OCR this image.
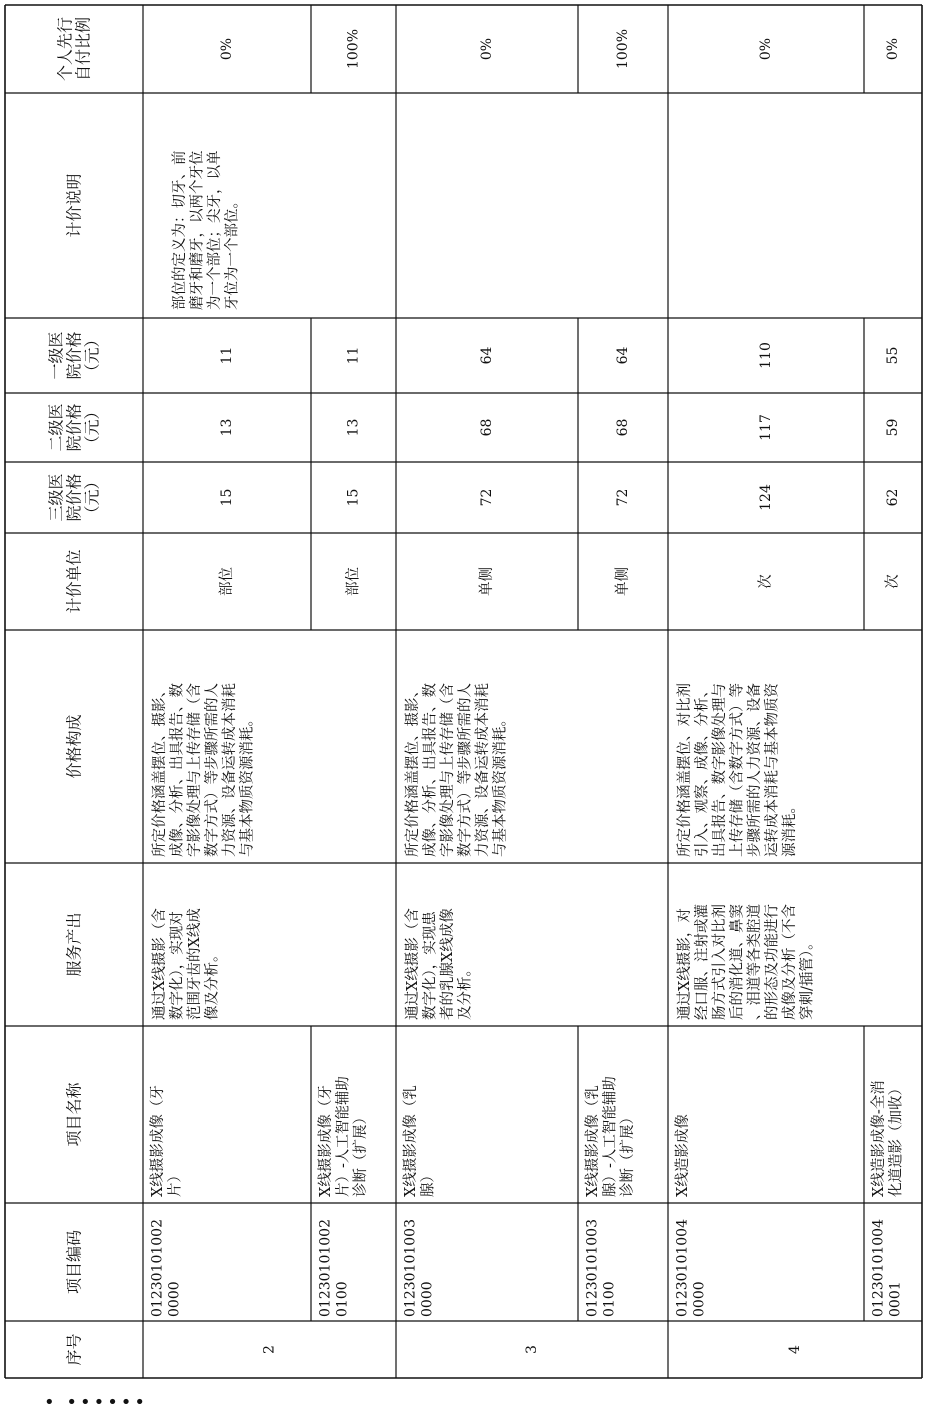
序号
项目编码
项目名称
服务产出
价格构成
计价单位
三级医 院价格 （元）
二级医 院价格 （元）
一级医 院价格 （元）
计价说明
个人先行 自付比例
2
通过X线摄影（含 数字化），实现对 范围牙齿的X线成 像及分析。
所定价格涵盖摆位、摄影、 成像、分析、出具报告、数 字影像处理与上传存储（含 数字方式）等步骤所需的人 力资源、设备运转成本消耗 与基本物质资源消耗。
部位的定义为：切牙、前 磨牙和磨牙，以两个牙位 为一个部位；尖牙，以单 牙位为一个部位。
01230101002 0000
X线摄影成像（牙 片）
部位
15
13
11
0%
01230101002 0100
X线摄影成像（牙 片）-人工智能辅助 诊断（扩展）
部位
15
13
11
100%
3
通过X线摄影（含 数字化），实现患 者的乳腺X线成像 及分析。
所定价格涵盖摆位、摄影、 成像、分析、出具报告、数 字影像处理与上传存储（含 数字方式）等步骤所需的人 力资源、设备运转成本消耗 与基本物质资源消耗。
01230101003 0000
X线摄影成像（乳 腺）
单侧
72
68
64
0%
01230101003 0100
X线摄影成像（乳 腺）-人工智能辅助 诊断（扩展）
单侧
72
68
64
100%
4
通过X线摄影，对 经口服、注射或灌 肠方式引入对比剂 后的消化道、鼻窦 、泪道等各类腔道 的形态及功能进行 成像及分析（不含 穿刺/插管）。
所定价格涵盖摆位、对比剂 引入、观察、成像、分析、 出具报告、数字影像处理与 上传存储（含数字方式）等 步骤所需的人力资源、设备 运转成本消耗与基本物质资 源消耗。
01230101004 0000
X线造影成像
次
124
117
110
0%
01230101004 0001
X线造影成像-全消 化道造影（加收）
次
62
59
55
0%
• ••••••
